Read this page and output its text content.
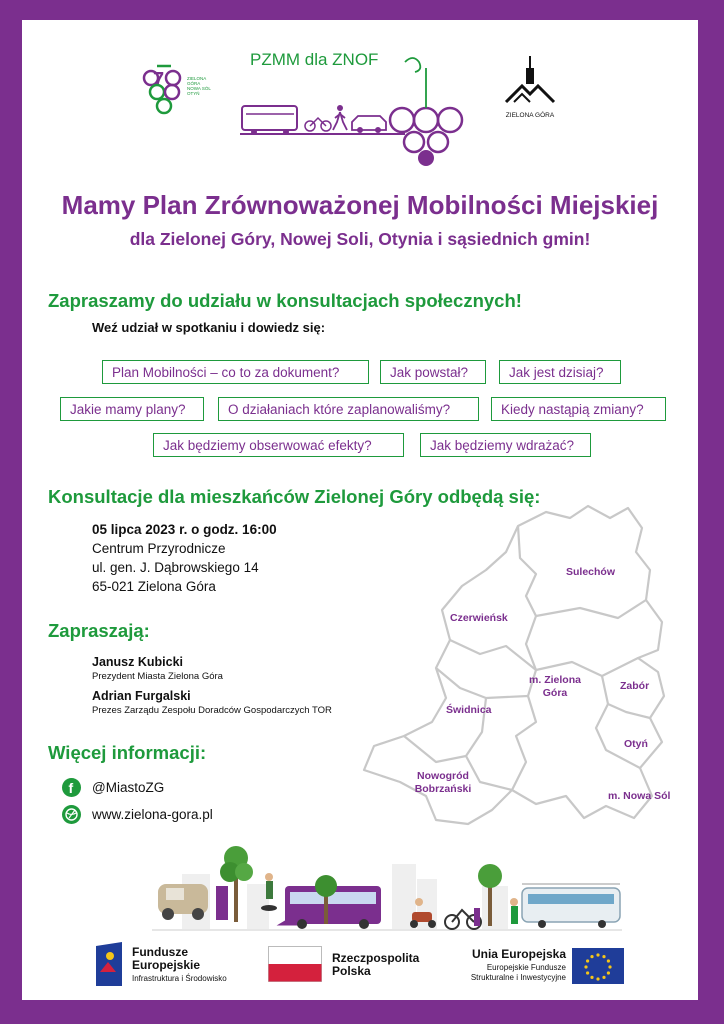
7	ZIELONA
GÓRA
NOWA SÓL
OTYŃ
PZMM dla ZNOF
ZIELONA GÓRA
Mamy Plan Zrównoważonej Mobilności Miejskiej
dla Zielonej Góry, Nowej Soli, Otynia i sąsiednich gmin!
Zapraszamy do udziału w konsultacjach społecznych!
Weź udział w spotkaniu i dowiedz się:
Plan Mobilności – co to za dokument?	Jak powstał?	Jak jest dzisiaj?
Jakie mamy plany?	O działaniach które zaplanowaliśmy?	Kiedy nastąpią zmiany?
Jak będziemy obserwować efekty?	Jak będziemy wdrażać?
Konsultacje dla mieszkańców Zielonej Góry odbędą się:
Sulechów
Czerwieńsk
m. Zielona Góra
Zabór
Świdnica
Otyń
Nowogród Bobrzański
m. Nowa Sól
05 lipca 2023 r. o godz. 16:00
Centrum Przyrodnicze
ul. gen. J. Dąbrowskiego 14
65-021 Zielona Góra
Zapraszają:
Janusz Kubicki
Prezydent Miasta Zielona Góra
Adrian Furgalski
Prezes Zarządu Zespołu Doradców Gospodarczych TOR
Więcej informacji:
f @MiastoZG
www.zielona-gora.pl
Fundusze
Europejskie
Infrastruktura i Środowisko
Rzeczpospolita
Polska
Unia Europejska
Europejskie Fundusze
Strukturalne i Inwestycyjne
